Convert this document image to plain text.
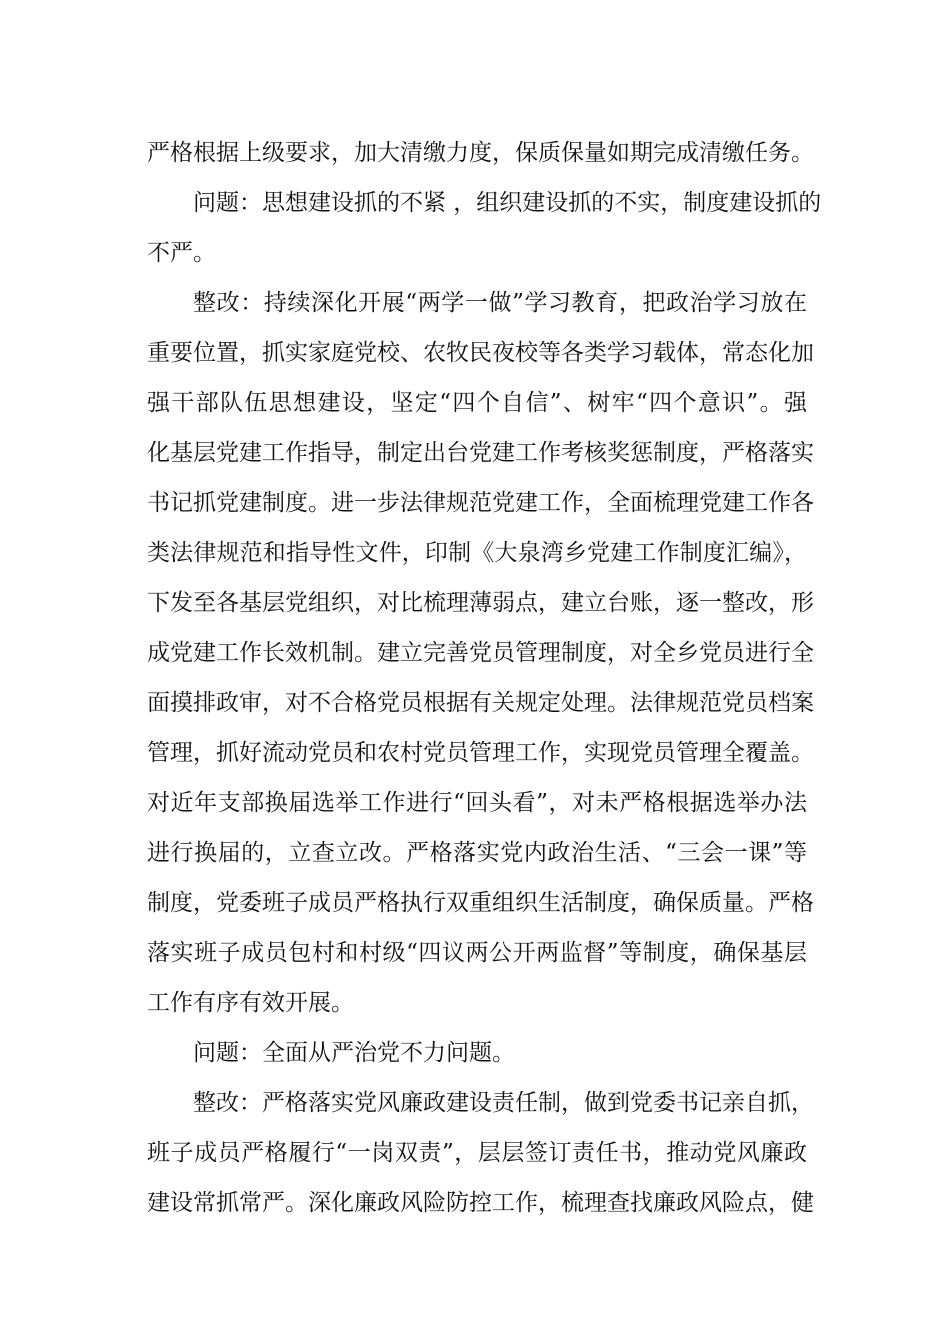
严格根据上级要求，加大清缴力度，保质保量如期完成清缴任务。
问题：思想建设抓的不紧 ，组织建设抓的不实，制度建设抓的
不严。
整改：持续深化开展“两学一做”学习教育，把政治学习放在
重要位置，抓实家庭党校、农牧民夜校等各类学习载体，常态化加
强干部队伍思想建设，坚定“四个自信”、树牢“四个意识”。强
化基层党建工作指导，制定出台党建工作考核奖惩制度，严格落实
书记抓党建制度。进一步法律规范党建工作，全面梳理党建工作各
类法律规范和指导性文件，印制《大泉湾乡党建工作制度汇编》，
下发至各基层党组织，对比梳理薄弱点，建立台账，逐一整改，形
成党建工作长效机制。建立完善党员管理制度，对全乡党员进行全
面摸排政审，对不合格党员根据有关规定处理。法律规范党员档案
管理，抓好流动党员和农村党员管理工作，实现党员管理全覆盖。
对近年支部换届选举工作进行“回头看”，对未严格根据选举办法
进行换届的，立查立改。严格落实党内政治生活、“三会一课”等
制度，党委班子成员严格执行双重组织生活制度，确保质量。严格
落实班子成员包村和村级“四议两公开两监督”等制度，确保基层
工作有序有效开展。
问题：全面从严治党不力问题。
整改：严格落实党风廉政建设责任制，做到党委书记亲自抓，
班子成员严格履行“一岗双责”，层层签订责任书，推动党风廉政
建设常抓常严。深化廉政风险防控工作，梳理查找廉政风险点，健
